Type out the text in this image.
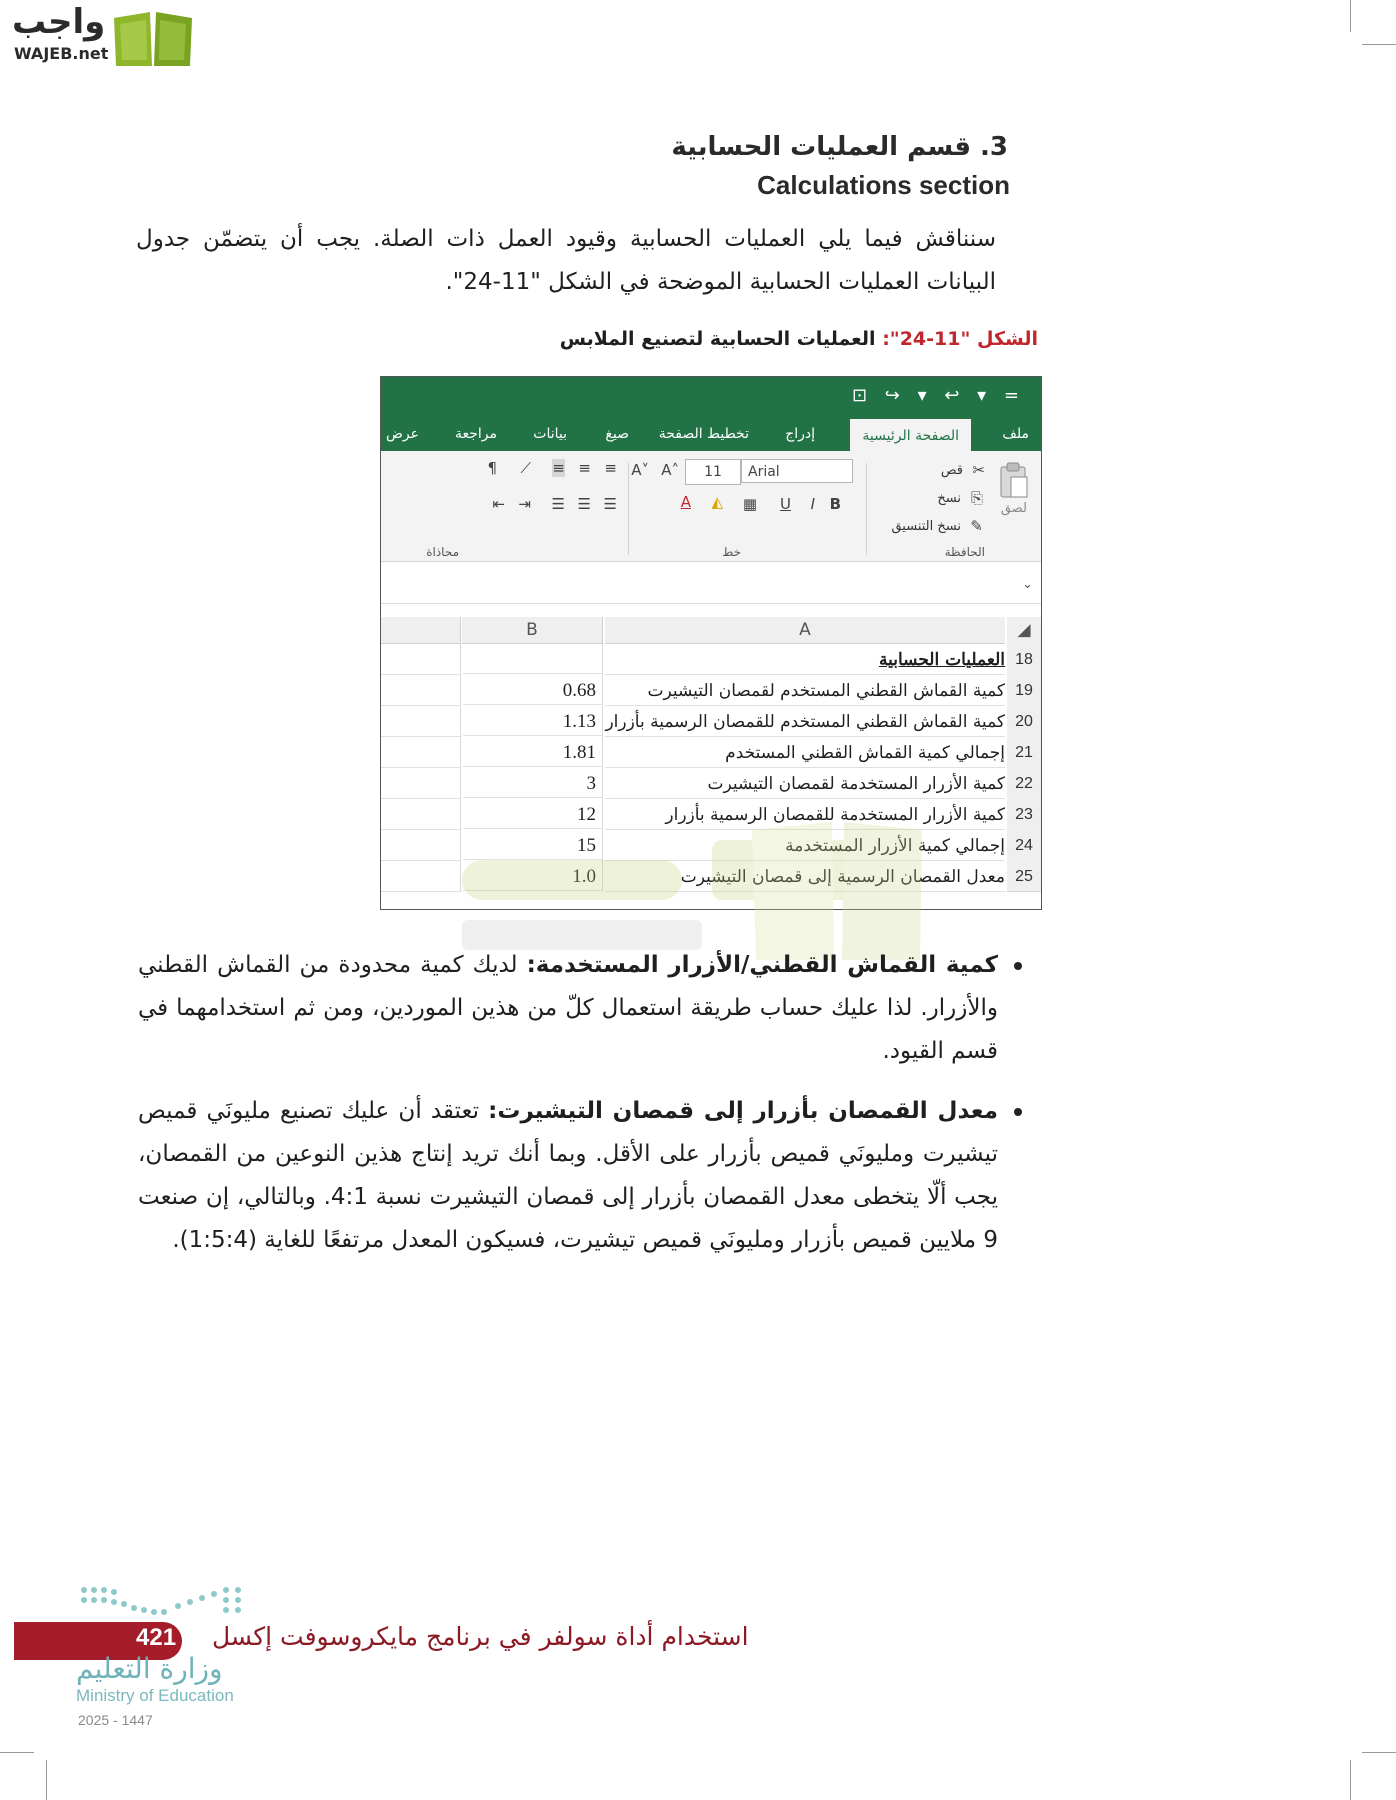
واجب
WAJEB.net
3. قسم العمليات الحسابية
Calculations section
سنناقش فيما يلي العمليات الحسابية وقيود العمل ذات الصلة. يجب أن يتضمّن جدول البيانات العمليات الحسابية الموضحة في الشكل "11-24".
الشكل "11-24": العمليات الحسابية لتصنيع الملابس
⊡ ↪ ▾ ↩ ▾ =
ملف
الصفحة الرئيسية
إدراج
تخطيط الصفحة
صيغ
بيانات
مراجعة
عرض
لصق
قص ✂
نسخ ⎘
نسخ التنسيق ✎
الحافظة
Arial
11
A˄
A˅
B
I
U
▦
◭
A
خط
≡
≡
≡
⟋
¶
☰
☰
☰
⇥
⇤
محاذاة
⌄
◢
A
B
18
العمليات الحسابية
19
كمية القماش القطني المستخدم لقمصان التيشيرت
0.68
20
كمية القماش القطني المستخدم للقمصان الرسمية بأزرار
1.13
21
إجمالي كمية القماش القطني المستخدم
1.81
22
كمية الأزرار المستخدمة لقمصان التيشيرت
3
23
كمية الأزرار المستخدمة للقمصان الرسمية بأزرار
12
24
إجمالي كمية الأزرار المستخدمة
15
25
معدل القمصان الرسمية إلى قمصان التيشيرت
1.0
كمية القماش القطني/الأزرار المستخدمة: لديك كمية محدودة من القماش القطني والأزرار. لذا عليك حساب طريقة استعمال كلّ من هذين الموردين، ومن ثم استخدامهما في قسم القيود.
معدل القمصان بأزرار إلى قمصان التيشيرت: تعتقد أن عليك تصنيع مليونَي قميص تيشيرت ومليونَي قميص بأزرار على الأقل. وبما أنك تريد إنتاج هذين النوعين من القمصان، يجب ألّا يتخطى معدل القمصان بأزرار إلى قمصان التيشيرت نسبة 4:1. وبالتالي، إن صنعت 9 ملايين قميص بأزرار ومليونَي قميص تيشيرت، فسيكون المعدل مرتفعًا للغاية (1:5:4).
421 استخدام أداة سولفر في برنامج مايكروسوفت إكسل
وزارة التعليم
Ministry of Education
2025 - 1447
